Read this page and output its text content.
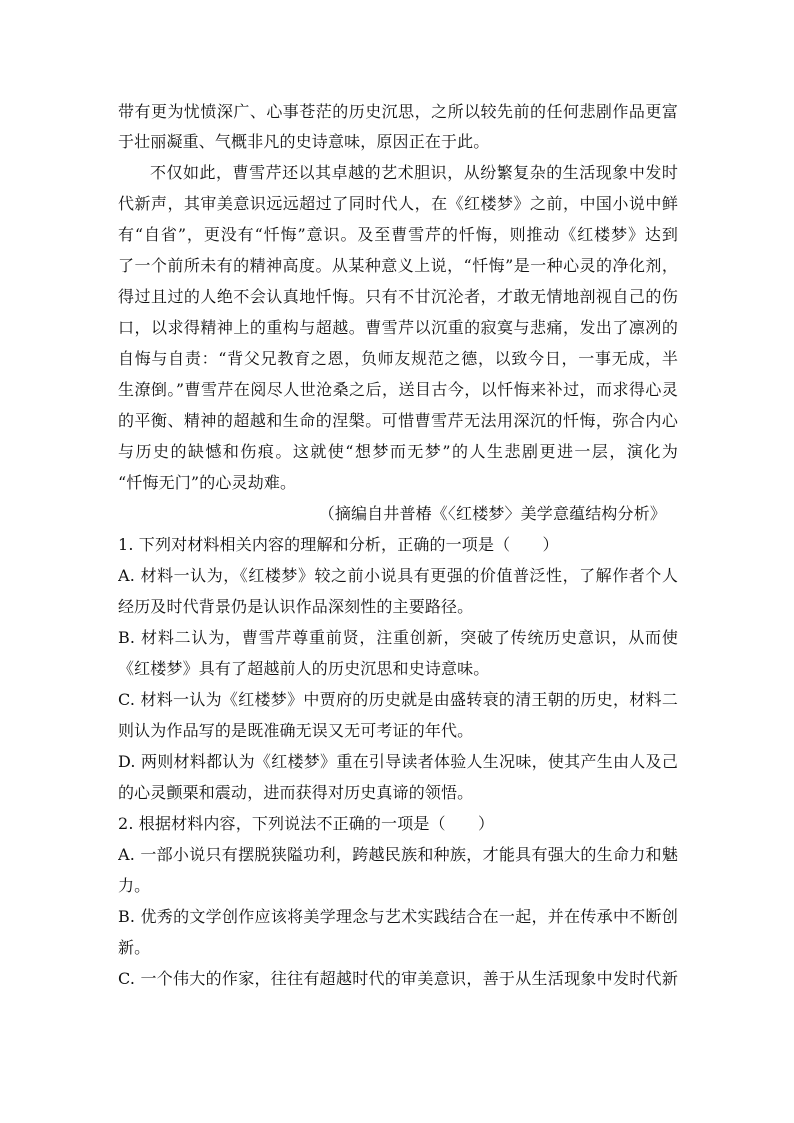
带有更为忧愤深广、心事苍茫的历史沉思，之所以较先前的任何悲剧作品更富
于壮丽凝重、气概非凡的史诗意味，原因正在于此。
不仅如此，曹雪芹还以其卓越的艺术胆识，从纷繁复杂的生活现象中发时
代新声，其审美意识远远超过了同时代人，在《红楼梦》之前，中国小说中鲜
有“自省”，更没有“忏悔”意识。及至曹雪芹的忏悔，则推动《红楼梦》达到
了一个前所未有的精神高度。从某种意义上说，“忏悔”是一种心灵的净化剂，
得过且过的人绝不会认真地忏悔。只有不甘沉沦者，才敢无情地剖视自己的伤
口，以求得精神上的重构与超越。曹雪芹以沉重的寂寞与悲痛，发出了凛冽的
自悔与自责：“背父兄教育之恩，负师友规范之德，以致今日，一事无成，半
生潦倒。”曹雪芹在阅尽人世沧桑之后，送目古今，以忏悔来补过，而求得心灵
的平衡、精神的超越和生命的涅槃。可惜曹雪芹无法用深沉的忏悔，弥合内心
与历史的缺憾和伤痕。这就使“想梦而无梦”的人生悲剧更进一层，演化为
“忏悔无门”的心灵劫难。
（摘编自井普椿《〈红楼梦〉美学意蕴结构分析》
1. 下列对材料相关内容的理解和分析，正确的一项是（　　）
A. 材料一认为，《红楼梦》较之前小说具有更强的价值普泛性，了解作者个人
经历及时代背景仍是认识作品深刻性的主要路径。
B. 材料二认为，曹雪芹尊重前贤，注重创新，突破了传统历史意识，从而使
《红楼梦》具有了超越前人的历史沉思和史诗意味。
C. 材料一认为《红楼梦》中贾府的历史就是由盛转衰的清王朝的历史，材料二
则认为作品写的是既准确无误又无可考证的年代。
D. 两则材料都认为《红楼梦》重在引导读者体验人生况味，使其产生由人及己
的心灵颤栗和震动，进而获得对历史真谛的领悟。
2. 根据材料内容，下列说法不正确的一项是（　　）
A. 一部小说只有摆脱狭隘功利，跨越民族和种族，才能具有强大的生命力和魅
力。
B. 优秀的文学创作应该将美学理念与艺术实践结合在一起，并在传承中不断创
新。
C. 一个伟大的作家，往往有超越时代的审美意识，善于从生活现象中发时代新
